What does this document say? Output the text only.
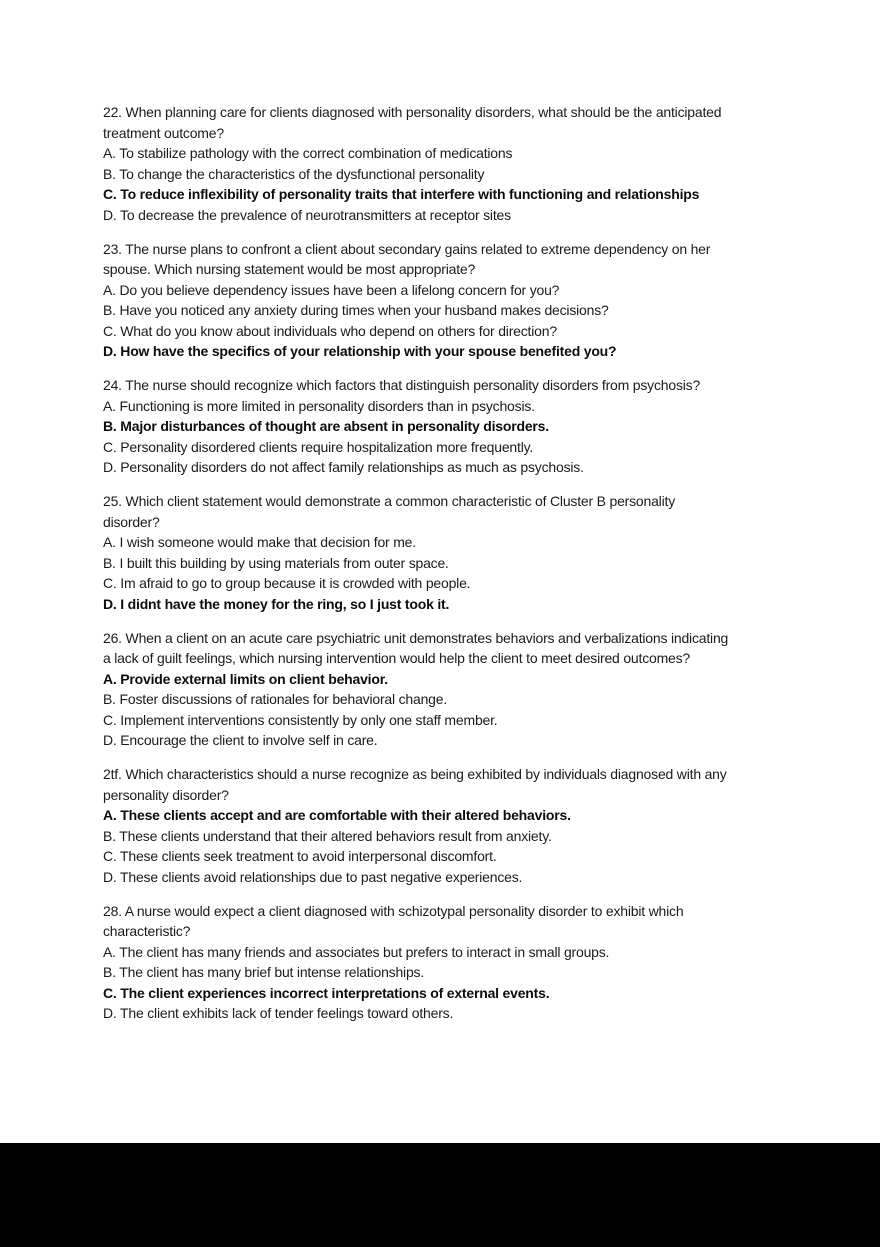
22. When planning care for clients diagnosed with personality disorders, what should be the anticipated

treatment outcome?

A. To stabilize pathology with the correct combination of medications

B. To change the characteristics of the dysfunctional personality

C. To reduce inflexibility of personality traits that interfere with functioning and relationships

D. To decrease the prevalence of neurotransmitters at receptor sites

23. The nurse plans to confront a client about secondary gains related to extreme dependency on her

spouse. Which nursing statement would be most appropriate?

A. Do you believe dependency issues have been a lifelong concern for you?

B. Have you noticed any anxiety during times when your husband makes decisions?

C. What do you know about individuals who depend on others for direction?

D. How have the specifics of your relationship with your spouse benefited you?

24. The nurse should recognize which factors that distinguish personality disorders from psychosis?

A. Functioning is more limited in personality disorders than in psychosis.

B. Major disturbances of thought are absent in personality disorders.

C. Personality disordered clients require hospitalization more frequently.

D. Personality disorders do not affect family relationships as much as psychosis.

25. Which client statement would demonstrate a common characteristic of Cluster B personality

disorder?

A. I wish someone would make that decision for me.

B. I built this building by using materials from outer space.

C. Im afraid to go to group because it is crowded with people.

D. I didnt have the money for the ring, so I just took it.

26. When a client on an acute care psychiatric unit demonstrates behaviors and verbalizations indicating

a lack of guilt feelings, which nursing intervention would help the client to meet desired outcomes?

A. Provide external limits on client behavior.

B. Foster discussions of rationales for behavioral change.

C. Implement interventions consistently by only one staff member.

D. Encourage the client to involve self in care.

2tf. Which characteristics should a nurse recognize as being exhibited by individuals diagnosed with any

personality disorder?

A. These clients accept and are comfortable with their altered behaviors.

B. These clients understand that their altered behaviors result from anxiety.

C. These clients seek treatment to avoid interpersonal discomfort.

D. These clients avoid relationships due to past negative experiences.

28. A nurse would expect a client diagnosed with schizotypal personality disorder to exhibit which

characteristic?

A. The client has many friends and associates but prefers to interact in small groups.

B. The client has many brief but intense relationships.

C. The client experiences incorrect interpretations of external events.

D. The client exhibits lack of tender feelings toward others.
